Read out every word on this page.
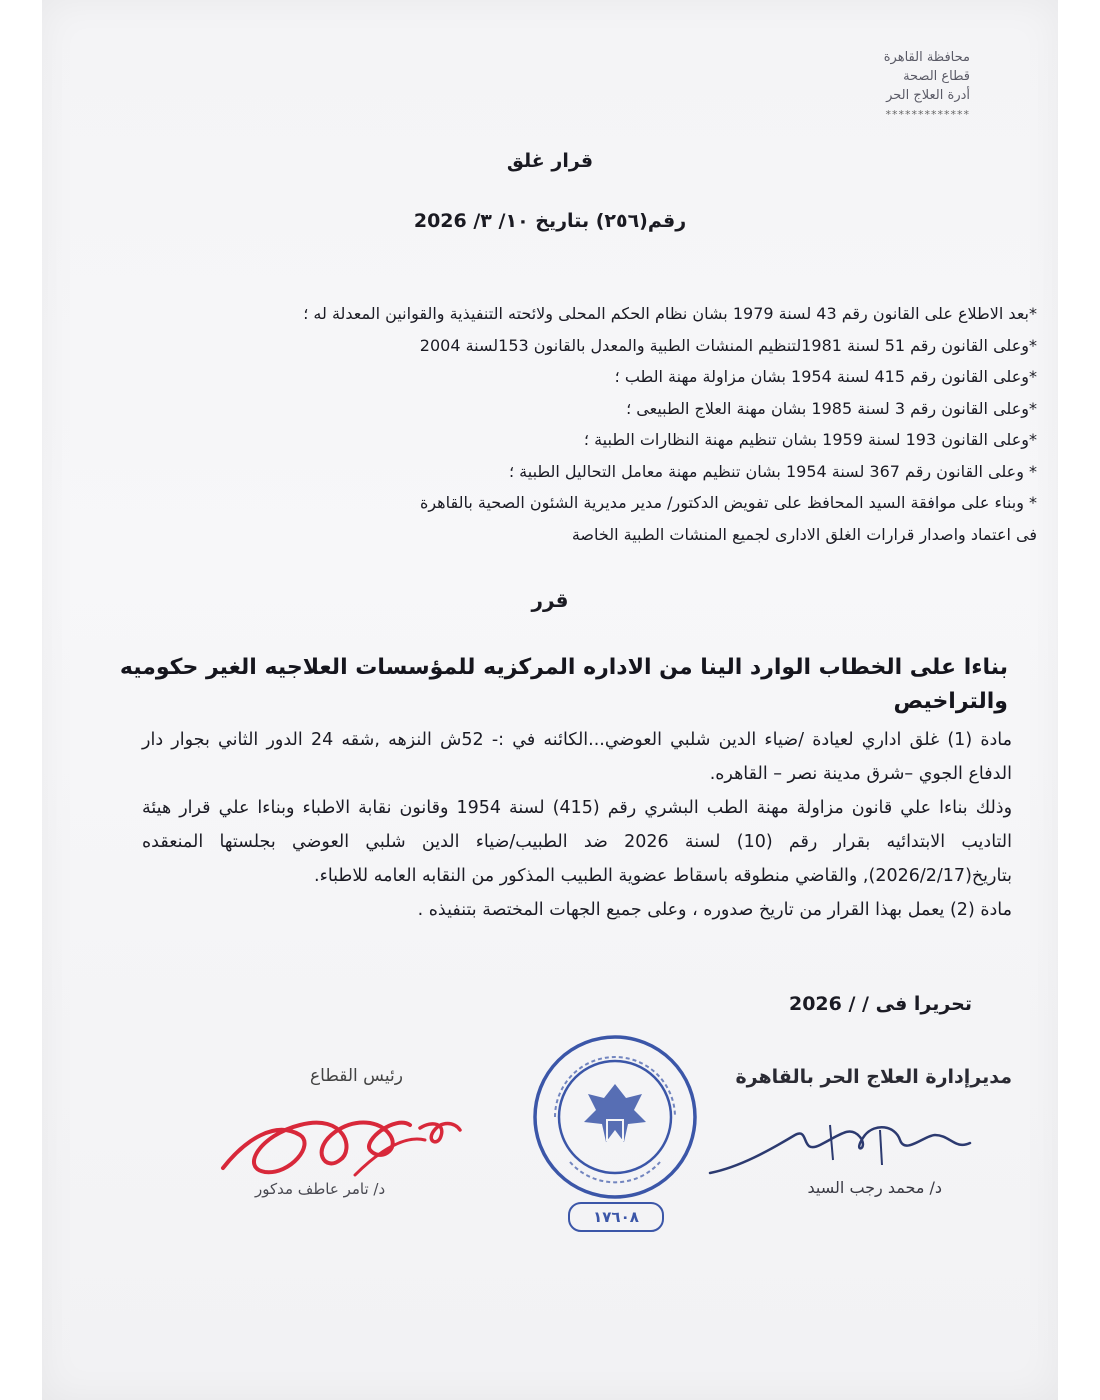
محافظة القاهرة
قطاع الصحة
أدرة العلاج الحر
*************
قرار غلق
رقم(٢٥٦) بتاريخ ١٠/ ٣/ 2026
*بعد الاطلاع على القانون رقم 43 لسنة 1979 بشان نظام الحكم المحلى ولائحته التنفيذية والقوانين المعدلة له ؛
*وعلى القانون رقم 51 لسنة 1981لتنظيم المنشات الطبية والمعدل بالقانون 153لسنة 2004
*وعلى القانون رقم 415 لسنة 1954 بشان مزاولة مهنة الطب ؛
*وعلى القانون رقم 3 لسنة 1985 بشان مهنة العلاج الطبيعى ؛
*وعلى القانون 193 لسنة 1959 بشان تنظيم مهنة النظارات الطبية ؛
* وعلى القانون رقم 367 لسنة 1954 بشان تنظيم مهنة معامل التحاليل الطبية ؛
* وبناء على موافقة السيد المحافظ على تفويض الدكتور/ مدير مديرية الشئون الصحية بالقاهرة
فى اعتماد واصدار قرارات الغلق الادارى لجميع المنشات الطبية الخاصة
قرر
بناءا على الخطاب الوارد الينا من الاداره المركزيه للمؤسسات العلاجيه الغير حكوميه والتراخيص

مادة (1) غلق اداري لعيادة /ضياء الدين شلبي العوضي...الكائنه في :- 52ش النزهه ,شقه 24 الدور الثاني بجوار دار الدفاع الجوي –شرق مدينة نصر – القاهره.

وذلك بناءا علي قانون مزاولة مهنة الطب البشري رقم (415) لسنة 1954 وقانون نقابة الاطباء وبناءا علي قرار هيئة التاديب الابتدائيه بقرار رقم (10) لسنة 2026 ضد الطبيب/ضياء الدين شلبي العوضي بجلستها المنعقده بتاريخ(2026/2/17), والقاضي منطوقه باسقاط عضوية الطبيب المذكور من النقابه العامه للاطباء.

مادة (2) يعمل بهذا القرار من تاريخ صدوره ، وعلى جميع الجهات المختصة بتنفيذه .

تحريرا فى / / 2026
رئيس القطاع
د/ تامر عاطف مدكور
١٧٦٠٨
مديرإدارة العلاج الحر بالقاهرة
د/ محمد رجب السيد
